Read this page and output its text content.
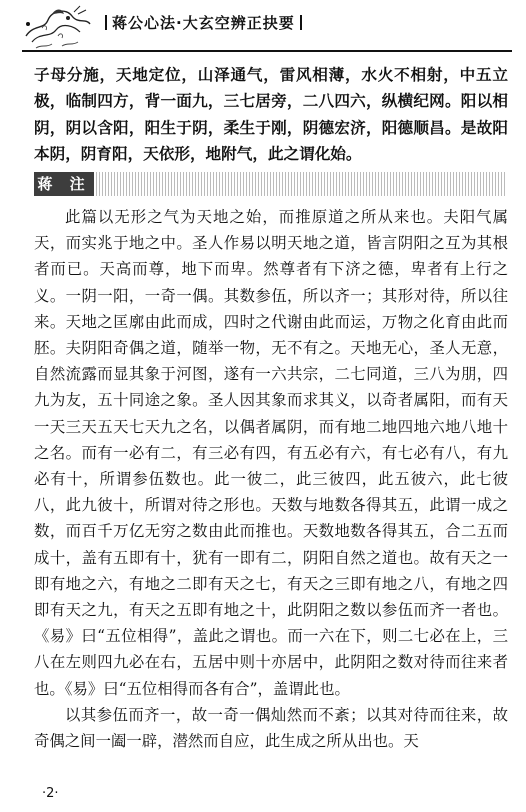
蒋公心法·大玄空辨正抉要

子母分施，天地定位，山泽通气，雷风相薄，水火不相射，中五立极，临制四方，背一面九，三七居旁，二八四六，纵横纪网。阳以相阴，阴以含阳，阳生于阴，柔生于刚，阴德宏济，阳德顺昌。是故阳本阴，阴育阳，天依形，地附气，此之谓化始。

蒋 注

此篇以无形之气为天地之始，而推原道之所从来也。夫阳气属天，而实兆于地之中。圣人作易以明天地之道，皆言阴阳之互为其根者而已。天高而尊，地下而卑。然尊者有下济之德，卑者有上行之义。一阴一阳，一奇一偶。其数参伍，所以齐一；其形对待，所以往来。天地之匡廓由此而成，四时之代谢由此而运，万物之化育由此而胚。夫阴阳奇偶之道，随举一物，无不有之。天地无心，圣人无意，自然流露而显其象于河图，遂有一六共宗，二七同道，三八为朋，四九为友，五十同途之象。圣人因其象而求其义，以奇者属阳，而有天一天三天五天七天九之名，以偶者属阴，而有地二地四地六地八地十之名。而有一必有二，有三必有四，有五必有六，有七必有八，有九必有十，所谓参伍数也。此一彼二，此三彼四，此五彼六，此七彼八，此九彼十，所谓对待之形也。天数与地数各得其五，此谓一成之数，而百千万亿无穷之数由此而推也。天数地数各得其五，合二五而成十，盖有五即有十，犹有一即有二，阴阳自然之道也。故有天之一即有地之六，有地之二即有天之七，有天之三即有地之八，有地之四即有天之九，有天之五即有地之十，此阴阳之数以参伍而齐一者也。《易》曰“五位相得”，盖此之谓也。而一六在下，则二七必在上，三八在左则四九必在右，五居中则十亦居中，此阴阳之数对待而往来者也。《易》曰“五位相得而各有合”，盖谓此也。

以其参伍而齐一，故一奇一偶灿然而不紊；以其对待而往来，故奇偶之间一阖一辟，潜然而自应，此生成之所从出也。天

·2·
